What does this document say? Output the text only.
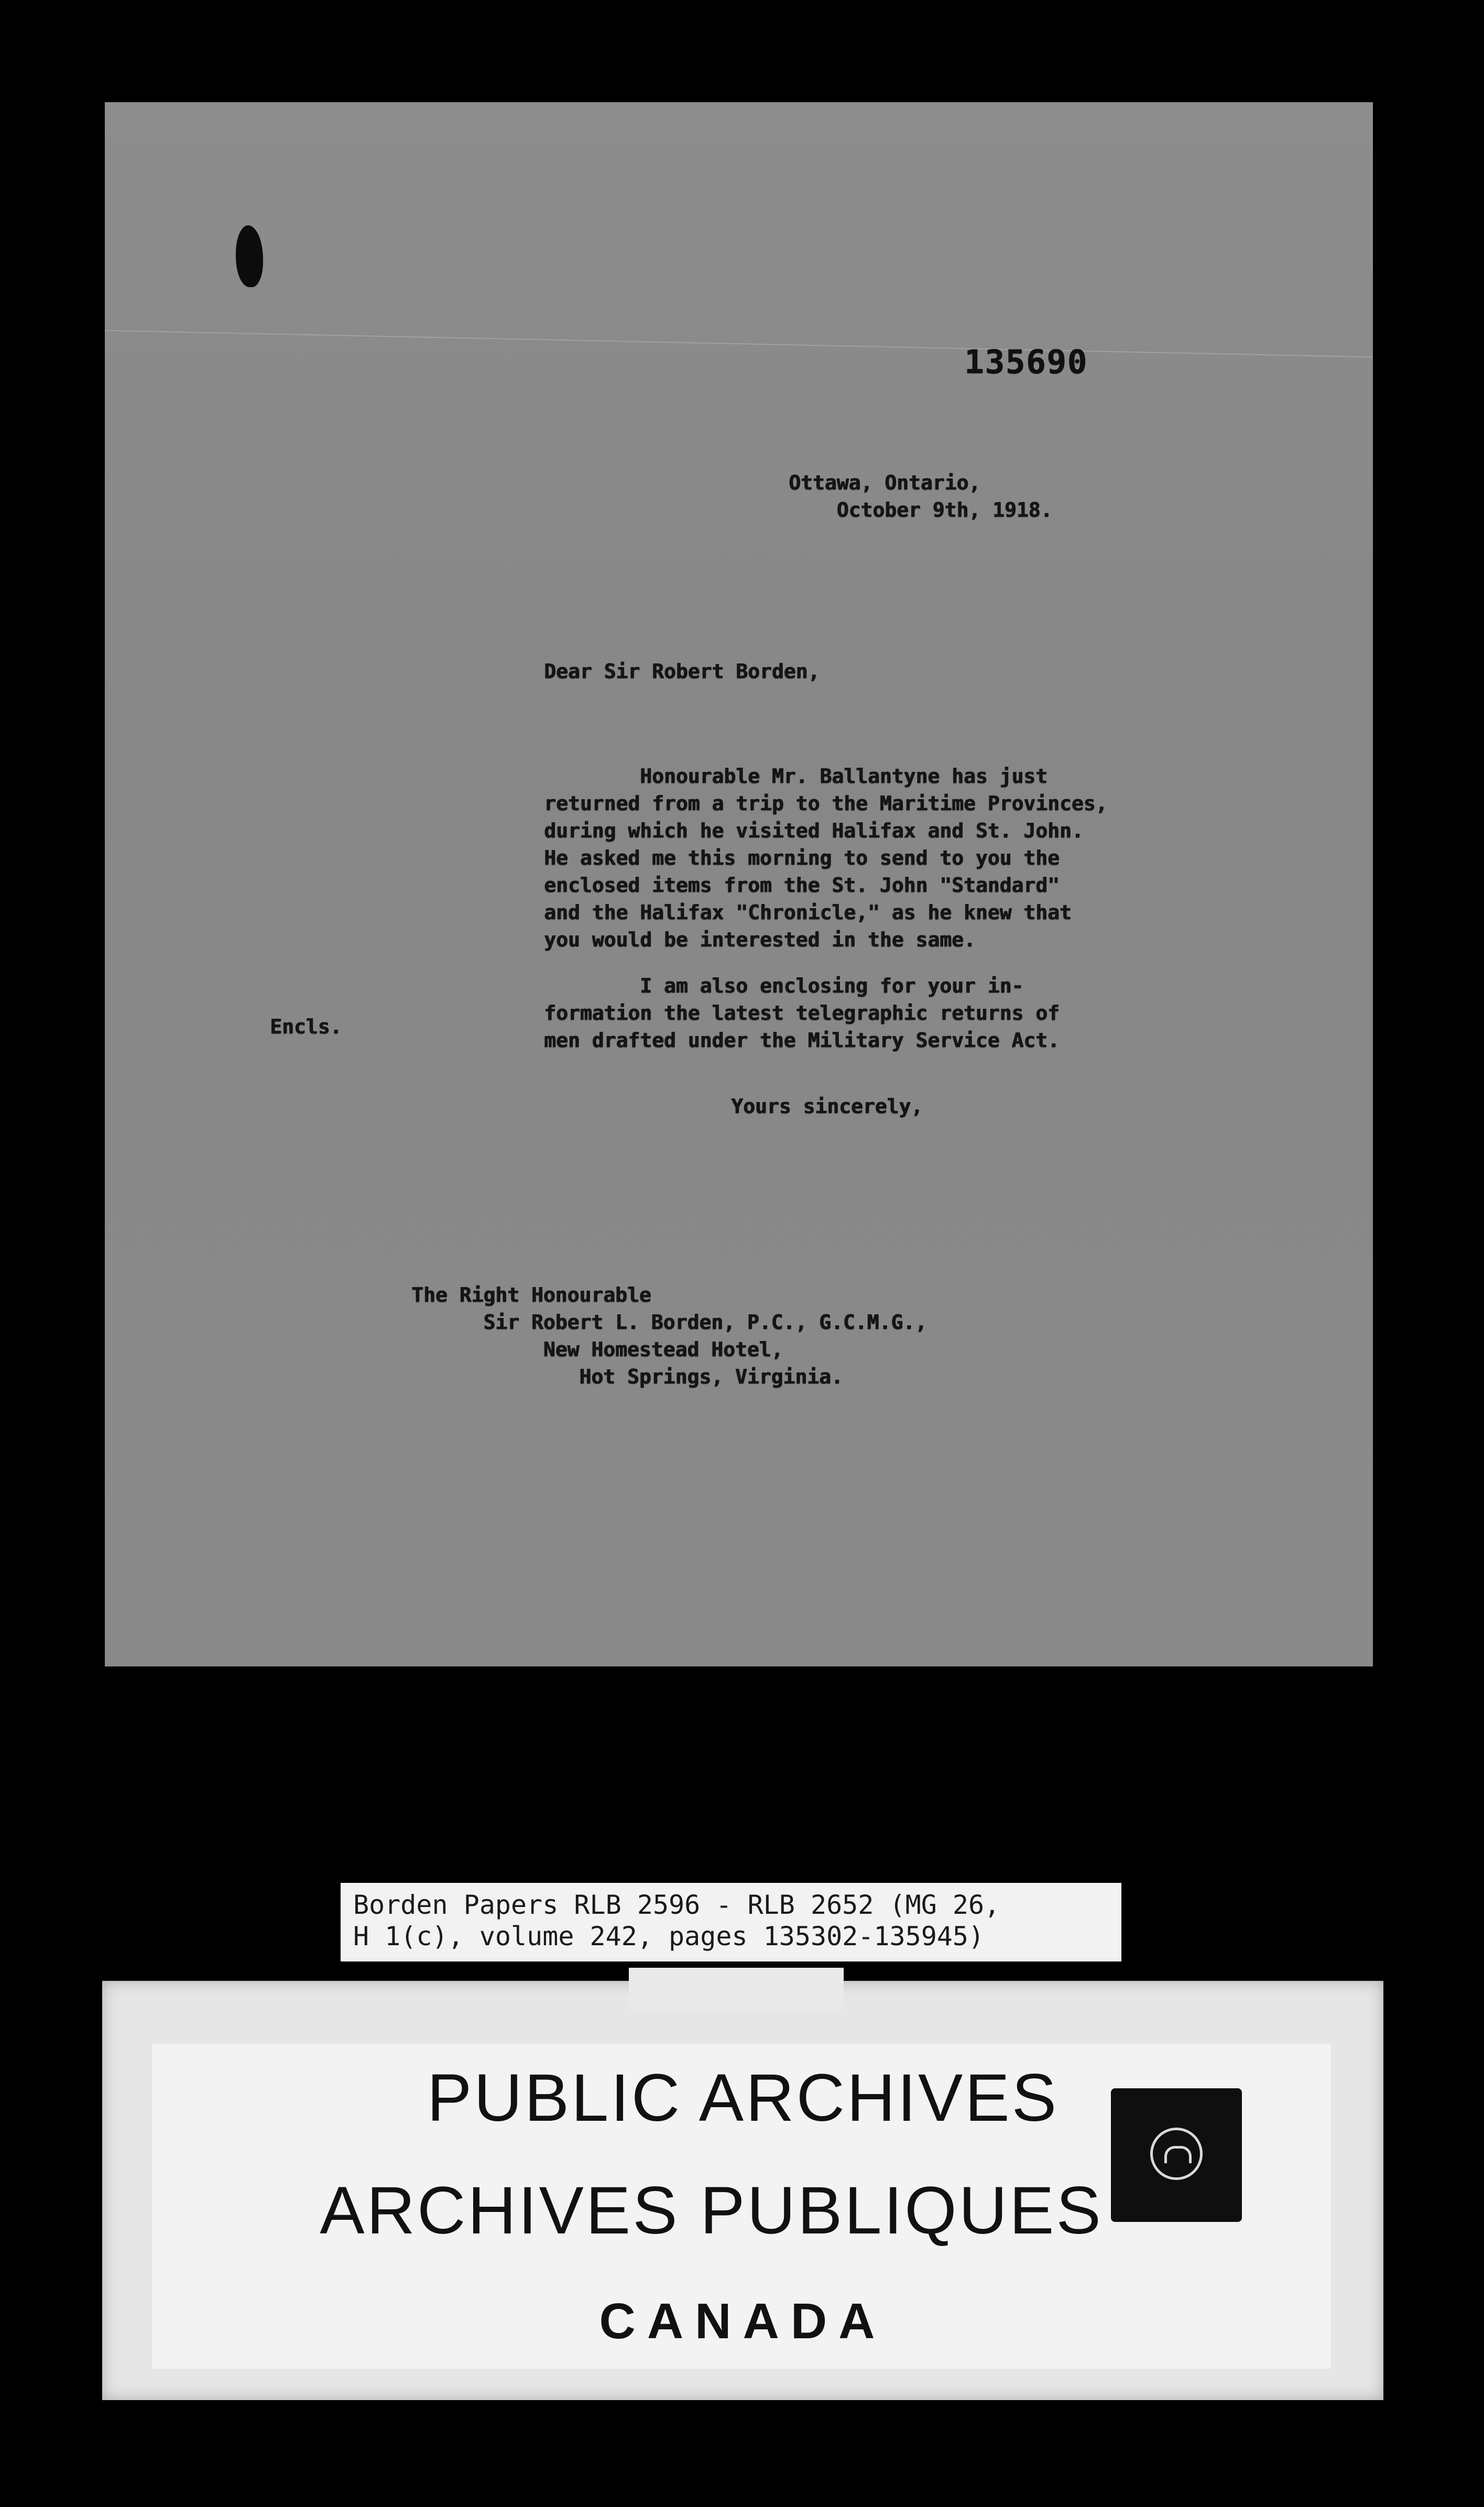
135690

Ottawa, Ontario,
October 9th, 1918.

Dear Sir Robert Borden,

Honourable Mr. Ballantyne has just
returned from a trip to the Maritime Provinces,
during which he visited Halifax and St. John.
He asked me this morning to send to you the
enclosed items from the St. John "Standard"
and the Halifax "Chronicle," as he knew that
you would be interested in the same.

I am also enclosing for your in-
formation the latest telegraphic returns of
men drafted under the Military Service Act.

Encls.

Yours sincerely,

The Right Honourable
Sir Robert L. Borden, P.C., G.C.M.G.,
New Homestead Hotel,
Hot Springs, Virginia.

Borden Papers RLB 2596 - RLB 2652 (MG 26,
H 1(c), volume 242, pages 135302-135945)

PUBLIC ARCHIVES

ARCHIVES PUBLIQUES

CANADA
